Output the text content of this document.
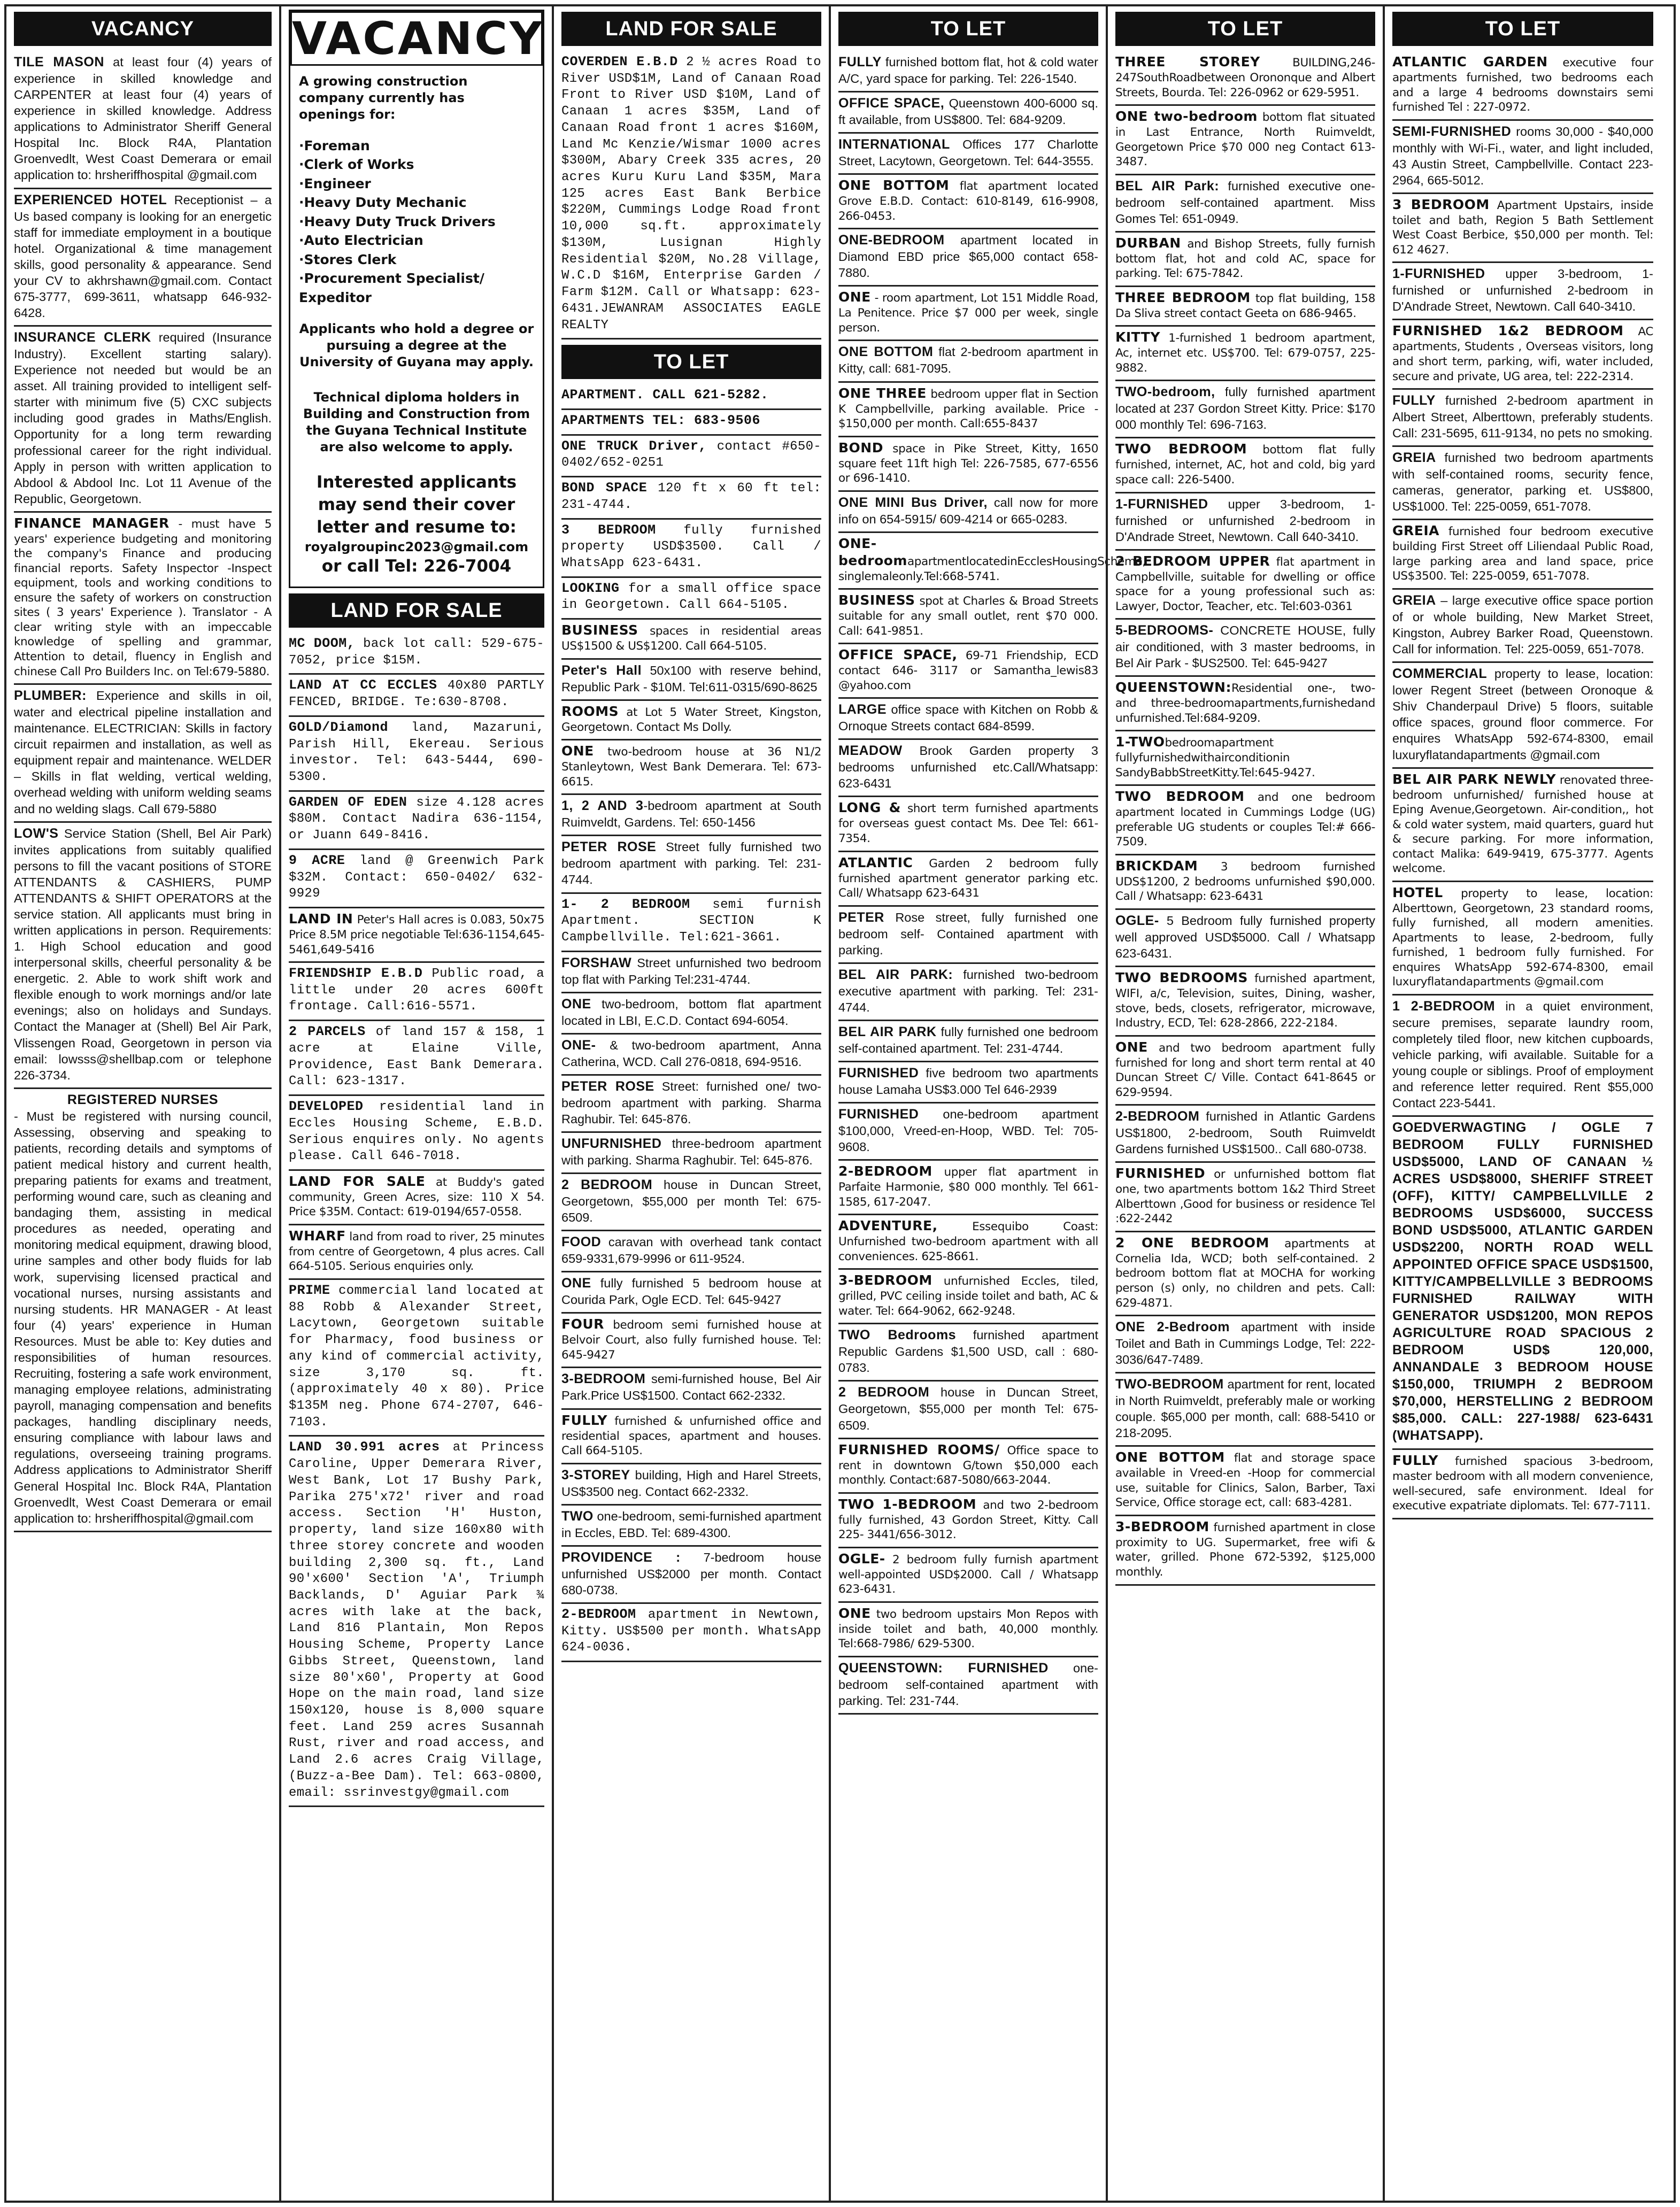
VACANCY
TILE MASON at least four (4) years of experience in skilled knowledge and CARPENTER at least four (4) years of experience in skilled knowledge. Address applications to Administrator Sheriff General Hospital Inc. Block R4A, Plantation Groenvedlt, West Coast Demerara or email application to: hrsheriffhospital @gmail.com
EXPERIENCED HOTEL Receptionist – a Us based company is looking for an energetic staff for immediate employment in a boutique hotel. Organizational & time management skills, good personality & appearance. Send your CV to akhrshawn@gmail.com. Contact 675-3777, 699-3611, whatsapp 646-932-6428.
INSURANCE CLERK required (Insurance Industry). Excellent starting salary). Experience not needed but would be an asset. All training provided to intelligent self-starter with minimum five (5) CXC subjects including good grades in Maths/English. Opportunity for a long term rewarding professional career for the right individual. Apply in person with written application to Abdool & Abdool Inc. Lot 11 Avenue of the Republic, Georgetown.
FINANCE MANAGER - must have 5 years' experience budgeting and monitoring the company's Finance and producing financial reports. Safety Inspector -Inspect equipment, tools and working conditions to ensure the safety of workers on construction sites ( 3 years' Experience ). Translator - A clear writing style with an impeccable knowledge of spelling and grammar, Attention to detail, fluency in English and chinese Call Pro Builders Inc. on Tel:679-5880.
PLUMBER: Experience and skills in oil, water and electrical pipeline installation and maintenance. ELECTRICIAN: Skills in factory circuit repairmen and installation, as well as equipment repair and maintenance. WELDER – Skills in flat welding, vertical welding, overhead welding with uniform welding seams and no welding slags. Call 679-5880
LOW'S Service Station (Shell, Bel Air Park) invites applications from suitably qualified persons to fill the vacant positions of STORE ATTENDANTS & CASHIERS, PUMP ATTENDANTS & SHIFT OPERATORS at the service station. All applicants must bring in written applications in person. Requirements: 1. High School education and good interpersonal skills, cheerful personality & be energetic. 2. Able to work shift work and flexible enough to work mornings and/or late evenings; also on holidays and Sundays. Contact the Manager at (Shell) Bel Air Park, Vlissengen Road, Georgetown in person via email: lowsss@shellbap.com or telephone 226-3734.
REGISTERED NURSES
- Must be registered with nursing council, Assessing, observing and speaking to patients, recording details and symptoms of patient medical history and current health, preparing patients for exams and treatment, performing wound care, such as cleaning and bandaging them, assisting in medical procedures as needed, operating and monitoring medical equipment, drawing blood, urine samples and other body fluids for lab work, supervising licensed practical and vocational nurses, nursing assistants and nursing students. HR MANAGER - At least four (4) years' experience in Human Resources. Must be able to: Key duties and responsibilities of human resources. Recruiting, fostering a safe work environment, managing employee relations, administrating payroll, managing compensation and benefits packages, handling disciplinary needs, ensuring compliance with labour laws and regulations, overseeing training programs. Address applications to Administrator Sheriff General Hospital Inc. Block R4A, Plantation Groenvedlt, West Coast Demerara or email application to: hrsheriffhospital@gmail.com
VACANCY

A growing construction company currently has openings for:

·Foreman
·Clerk of Works
·Engineer
·Heavy Duty Mechanic
·Heavy Duty Truck Drivers
·Auto Electrician
·Stores Clerk
·Procurement Specialist/ Expeditor

Applicants who hold a degree or pursuing a degree at the University of Guyana may apply.

Technical diploma holders in Building and Construction from the Guyana Technical Institute are also welcome to apply.

Interested applicants may send their cover letter and resume to:

royalgroupinc2023@gmail.com

or call Tel: 226-7004

LAND FOR SALE
MC DOOM, back lot call: 529-675-7052, price $15M.
LAND AT CC ECCLES 40x80 PARTLY FENCED, BRIDGE. Te:630-8708.
GOLD/Diamond land, Mazaruni, Parish Hill, Ekereau. Serious investor. Tel: 643-5444, 690-5300.
GARDEN OF EDEN size 4.128 acres $80M. Contact Nadira 636-1154, or Juann 649-8416.
9 ACRE land @ Greenwich Park $32M. Contact: 650-0402/ 632-9929
LAND IN Peter's Hall acres is 0.083, 50x75 Price 8.5M price negotiable Tel:636-1154,645-5461,649-5416
FRIENDSHIP E.B.D Public road, a little under 20 acres 600ft frontage. Call:616-5571.
2 PARCELS of land 157 & 158, 1 acre at Elaine Ville, Providence, East Bank Demerara. Call: 623-1317.
DEVELOPED residential land in Eccles Housing Scheme, E.B.D. Serious enquires only. No agents please. Call 646-7018.
LAND FOR SALE at Buddy's gated community, Green Acres, size: 110 X 54. Price $35M. Contact: 619-0194/657-0558.
WHARF land from road to river, 25 minutes from centre of Georgetown, 4 plus acres. Call 664-5105. Serious enquiries only.
PRIME commercial land located at 88 Robb & Alexander Street, Lacytown, Georgetown suitable for Pharmacy, food business or any kind of commercial activity, size 3,170 sq. ft. (approximately 40 x 80). Price $135M neg. Phone 674-2707, 646-7103.
LAND 30.991 acres at Princess Caroline, Upper Demerara River, West Bank, Lot 17 Bushy Park, Parika 275'x72' river and road access. Section 'H' Huston, property, land size 160x80 with three storey concrete and wooden building 2,300 sq. ft., Land 90'x600' Section 'A', Triumph Backlands, D' Aguiar Park ¾ acres with lake at the back, Land 816 Plantain, Mon Repos Housing Scheme, Property Lance Gibbs Street, Queenstown, land size 80'x60', Property at Good Hope on the main road, land size 150x120, house is 8,000 square feet. Land 259 acres Susannah Rust, river and road access, and Land 2.6 acres Craig Village, (Buzz-a-Bee Dam). Tel: 663-0800, email: ssrinvestgy@gmail.com
LAND FOR SALE
COVERDEN E.B.D 2 ½ acres Road to River USD$1M, Land of Canaan Road Front to River USD $10M, Land of Canaan 1 acres $35M, Land of Canaan Road front 1 acres $160M, Land Mc Kenzie/Wismar 1000 acres $300M, Abary Creek 335 acres, 20 acres Kuru Kuru Land $35M, Mara 125 acres East Bank Berbice $220M, Cummings Lodge Road front 10,000 sq.ft. approximately $130M, Lusignan Highly Residential $20M, No.28 Village, W.C.D $16M, Enterprise Garden / Farm $12M. Call or Whatsapp: 623-6431.JEWANRAM ASSOCIATES EAGLE REALTY
TO LET
APARTMENT. CALL 621-5282.
APARTMENTS TEL: 683-9506
ONE TRUCK Driver, contact #650-0402/652-0251
BOND SPACE 120 ft x 60 ft tel: 231-4744.
3 BEDROOM fully furnished property USD$3500. Call / WhatsApp 623-6431.
LOOKING for a small office space in Georgetown. Call 664-5105.
BUSINESS spaces in residential areas US$1500 & US$1200. Call 664-5105.
Peter's Hall 50x100 with reserve behind, Republic Park - $10M. Tel:611-0315/690-8625
ROOMS at Lot 5 Water Street, Kingston, Georgetown. Contact Ms Dolly.
ONE two-bedroom house at 36 N1/2 Stanleytown, West Bank Demerara. Tel: 673-6615.
1, 2 AND 3-bedroom apartment at South Ruimveldt, Gardens. Tel: 650-1456
PETER ROSE Street fully furnished two bedroom apartment with parking. Tel: 231-4744.
1- 2 BEDROOM semi furnish Apartment. SECTION K Campbellville. Tel:621-3661.
FORSHAW Street unfurnished two bedroom top flat with Parking Tel:231-4744.
ONE two-bedroom, bottom flat apartment located in LBI, E.C.D. Contact 694-6054.
ONE- & two-bedroom apartment, Anna Catherina, WCD. Call 276-0818, 694-9516.
PETER ROSE Street: furnished one/ two-bedroom apartment with parking. Sharma Raghubir. Tel: 645-876.
UNFURNISHED three-bedroom apartment with parking. Sharma Raghubir. Tel: 645-876.
2 BEDROOM house in Duncan Street, Georgetown, $55,000 per month Tel: 675-6509.
FOOD caravan with overhead tank contact 659-9331,679-9996 or 611-9524.
ONE fully furnished 5 bedroom house at Courida Park, Ogle ECD. Tel: 645-9427
FOUR bedroom semi furnished house at Belvoir Court, also fully furnished house. Tel: 645-9427
3-BEDROOM semi-furnished house, Bel Air Park.Price US$1500. Contact 662-2332.
FULLY furnished & unfurnished office and residential spaces, apartment and houses. Call 664-5105.
3-STOREY building, High and Harel Streets, US$3500 neg. Contact 662-2332.
TWO one-bedroom, semi-furnished apartment in Eccles, EBD. Tel: 689-4300.
PROVIDENCE : 7-bedroom house unfurnished US$2000 per month. Contact 680-0738.
2-BEDROOM apartment in Newtown, Kitty. US$500 per month. WhatsApp 624-0036.
TO LET
FULLY furnished bottom flat, hot & cold water A/C, yard space for parking. Tel: 226-1540.
OFFICE SPACE, Queenstown 400-6000 sq. ft available, from US$800. Tel: 684-9209.
INTERNATIONAL Offices 177 Charlotte Street, Lacytown, Georgetown. Tel: 644-3555.
ONE BOTTOM flat apartment located Grove E.B.D. Contact: 610-8149, 616-9908, 266-0453.
ONE-BEDROOM apartment located in Diamond EBD price $65,000 contact 658-7880.
ONE - room apartment, Lot 151 Middle Road, La Penitence. Price $7 000 per week, single person.
ONE BOTTOM flat 2-bedroom apartment in Kitty, call: 681-7095.
ONE THREE bedroom upper flat in Section K Campbellville, parking available. Price - $150,000 per month. Call:655-8437
BOND space in Pike Street, Kitty, 1650 square feet 11ft high Tel: 226-7585, 677-6556 or 696-1410.
ONE MINI Bus Driver, call now for more info on 654-5915/ 609-4214 or 665-0283.
ONE-bedroomapartmentlocatedinEcclesHousingScheme, singlemaleonly.Tel:668-5741.
BUSINESS spot at Charles & Broad Streets suitable for any small outlet, rent $70 000. Call: 641-9851.
OFFICE SPACE, 69-71 Friendship, ECD contact 646- 3117 or Samantha_lewis83 @yahoo.com
LARGE office space with Kitchen on Robb & Ornoque Streets contact 684-8599.
MEADOW Brook Garden property 3 bedrooms unfurnished etc.Call/Whatsapp: 623-6431
LONG & short term furnished apartments for overseas guest contact Ms. Dee Tel: 661-7354.
ATLANTIC Garden 2 bedroom fully furnished apartment generator parking etc. Call/ Whatsapp 623-6431
PETER Rose street, fully furnished one bedroom self- Contained apartment with parking.
BEL AIR PARK: furnished two-bedroom executive apartment with parking. Tel: 231-4744.
BEL AIR PARK fully furnished one bedroom self-contained apartment. Tel: 231-4744.
FURNISHED five bedroom two apartments house Lamaha US$3.000 Tel 646-2939
FURNISHED one-bedroom apartment $100,000, Vreed-en-Hoop, WBD. Tel: 705-9608.
2-BEDROOM upper flat apartment in Parfaite Harmonie, $80 000 monthly. Tel 661-1585, 617-2047.
ADVENTURE, Essequibo Coast: Unfurnished two-bedroom apartment with all conveniences. 625-8661.
3-BEDROOM unfurnished Eccles, tiled, grilled, PVC ceiling inside toilet and bath, AC & water. Tel: 664-9062, 662-9248.
TWO Bedrooms furnished apartment Republic Gardens $1,500 USD, call : 680-0783.
2 BEDROOM house in Duncan Street, Georgetown, $55,000 per month Tel: 675-6509.
FURNISHED ROOMS/ Office space to rent in downtown G/town $50,000 each monthly. Contact:687-5080/663-2044.
TWO 1-BEDROOM and two 2-bedroom fully furnished, 43 Gordon Street, Kitty. Call 225- 3441/656-3012.
OGLE- 2 bedroom fully furnish apartment well-appointed USD$2000. Call / Whatsapp 623-6431.
ONE two bedroom upstairs Mon Repos with inside toilet and bath, 40,000 monthly. Tel:668-7986/ 629-5300.
QUEENSTOWN: FURNISHED one-bedroom self-contained apartment with parking. Tel: 231-744.
TO LET
THREE STOREY BUILDING,246-247SouthRoadbetween Orononque and Albert Streets, Bourda. Tel: 226-0962 or 629-5951.
ONE two-bedroom bottom flat situated in Last Entrance, North Ruimveldt, Georgetown Price $70 000 neg Contact 613-3487.
BEL AIR Park: furnished executive one-bedroom self-contained apartment. Miss Gomes Tel: 651-0949.
DURBAN and Bishop Streets, fully furnish bottom flat, hot and cold AC, space for parking. Tel: 675-7842.
THREE BEDROOM top flat building, 158 Da Sliva street contact Geeta on 686-9465.
KITTY 1-furnished 1 bedroom apartment, Ac, internet etc. US$700. Tel: 679-0757, 225-9882.
TWO-bedroom, fully furnished apartment located at 237 Gordon Street Kitty. Price: $170 000 monthly Tel: 696-7163.
TWO BEDROOM bottom flat fully furnished, internet, AC, hot and cold, big yard space call: 226-5400.
1-FURNISHED upper 3-bedroom, 1-furnished or unfurnished 2-bedroom in D'Andrade Street, Newtown. Call 640-3410.
2 BEDROOM UPPER flat apartment in Campbellville, suitable for dwelling or office space for a young professional such as: Lawyer, Doctor, Teacher, etc. Tel:603-0361
5-BEDROOMS- CONCRETE HOUSE, fully air conditioned, with 3 master bedrooms, in Bel Air Park - $US2500. Tel: 645-9427
QUEENSTOWN:Residential one-, two- and three-bedroomapartments,furnishedand unfurnished.Tel:684-9209.
1-TWObedroomapartment fullyfurnishedwithairconditionin SandyBabbStreetKitty.Tel:645-9427.
TWO BEDROOM and one bedroom apartment located in Cummings Lodge (UG) preferable UG students or couples Tel:# 666-7509.
BRICKDAM 3 bedroom furnished UDS$1200, 2 bedrooms unfurnished $90,000. Call / Whatsapp: 623-6431
OGLE- 5 Bedroom fully furnished property well approved USD$5000. Call / Whatsapp 623-6431.
TWO BEDROOMS furnished apartment, WIFI, a/c, Television, suites, Dining, washer, stove, beds, closets, refrigerator, microwave, Industry, ECD, Tel: 628-2866, 222-2184.
ONE and two bedroom apartment fully furnished for long and short term rental at 40 Duncan Street C/ Ville. Contact 641-8645 or 629-9594.
2-BEDROOM furnished in Atlantic Gardens US$1800, 2-bedroom, South Ruimveldt Gardens furnished US$1500.. Call 680-0738.
FURNISHED or unfurnished bottom flat one, two apartments bottom 1&2 Third Street Alberttown ,Good for business or residence Tel :622-2442
2 ONE BEDROOM apartments at Cornelia Ida, WCD; both self-contained. 2 bedroom bottom flat at MOCHA for working person (s) only, no children and pets. Call: 629-4871.
ONE 2-Bedroom apartment with inside Toilet and Bath in Cummings Lodge, Tel: 222-3036/647-7489.
TWO-BEDROOM apartment for rent, located in North Ruimveldt, preferably male or working couple. $65,000 per month, call: 688-5410 or 218-2095.
ONE BOTTOM flat and storage space available in Vreed-en -Hoop for commercial use, suitable for Clinics, Salon, Barber, Taxi Service, Office storage ect, call: 683-4281.
3-BEDROOM furnished apartment in close proximity to UG. Supermarket, free wifi & water, grilled. Phone 672-5392, $125,000 monthly.
TO LET
ATLANTIC GARDEN executive four apartments furnished, two bedrooms each and a large 4 bedrooms downstairs semi furnished Tel : 227-0972.
SEMI-FURNISHED rooms 30,000 - $40,000 monthly with Wi-Fi., water, and light included, 43 Austin Street, Campbellville. Contact 223-2964, 665-5012.
3 BEDROOM Apartment Upstairs, inside toilet and bath, Region 5 Bath Settlement West Coast Berbice, $50,000 per month. Tel: 612 4627.
1-FURNISHED upper 3-bedroom, 1-furnished or unfurnished 2-bedroom in D'Andrade Street, Newtown. Call 640-3410.
FURNISHED 1&2 BEDROOM AC apartments, Students , Overseas visitors, long and short term, parking, wifi, water included, secure and private, UG area, tel: 222-2314.
FULLY furnished 2-bedroom apartment in Albert Street, Alberttown, preferably students. Call: 231-5695, 611-9134, no pets no smoking.
GREIA furnished two bedroom apartments with self-contained rooms, security fence, cameras, generator, parking et. US$800, US$1000. Tel: 225-0059, 651-7078.
GREIA furnished four bedroom executive building First Street off Liliendaal Public Road, large parking area and land space, price US$3500. Tel: 225-0059, 651-7078.
GREIA – large executive office space portion of or whole building, New Market Street, Kingston, Aubrey Barker Road, Queenstown. Call for information. Tel: 225-0059, 651-7078.
COMMERCIAL property to lease, location: lower Regent Street (between Oronoque & Shiv Chanderpaul Drive) 5 floors, suitable office spaces, ground floor commerce. For enquires WhatsApp 592-674-8300, email luxuryflatandapartments @gmail.com
BEL AIR PARK NEWLY renovated three-bedroom unfurnished/ furnished house at Eping Avenue,Georgetown. Air-condition,, hot & cold water system, maid quarters, guard hut & secure parking. For more information, contact Malika: 649-9419, 675-3777. Agents welcome.
HOTEL property to lease, location: Alberttown, Georgetown, 23 standard rooms, fully furnished, all modern amenities. Apartments to lease, 2-bedroom, fully furnished, 1 bedroom fully furnished. For enquires WhatsApp 592-674-8300, email luxuryflatandapartments @gmail.com
1 2-BEDROOM in a quiet environment, secure premises, separate laundry room, completely tiled floor, new kitchen cupboards, vehicle parking, wifi available. Suitable for a young couple or siblings. Proof of employment and reference letter required. Rent $55,000 Contact 223-5441.
GOEDVERWAGTING / OGLE 7 BEDROOM FULLY FURNISHED USD$5000, LAND OF CANAAN ½ ACRES USD$8000, SHERIFF STREET (OFF), KITTY/ CAMPBELLVILLE 2 BEDROOMS USD$6000, SUCCESS BOND USD$5000, ATLANTIC GARDEN USD$2200, NORTH ROAD WELL APPOINTED OFFICE SPACE USD$1500, KITTY/CAMPBELLVILLE 3 BEDROOMS FURNISHED RAILWAY WITH GENERATOR USD$1200, MON REPOS AGRICULTURE ROAD SPACIOUS 2 BEDROOM USD$ 120,000, ANNANDALE 3 BEDROOM HOUSE $150,000, TRIUMPH 2 BEDROOM $70,000, HERSTELLING 2 BEDROOM $85,000. CALL: 227-1988/ 623-6431 (WHATSAPP).
FULLY furnished spacious 3-bedroom, master bedroom with all modern convenience, well-secured, safe environment. Ideal for executive expatriate diplomats. Tel: 677-7111.
